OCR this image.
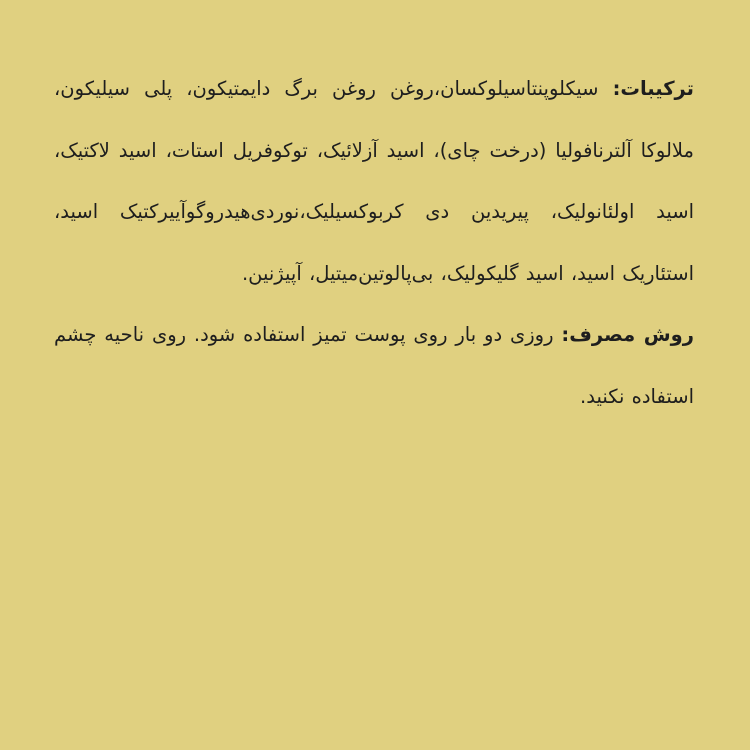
ترکیبات: سیکلوپنتاسیلوکسان،روغن روغن برگ دایمتیکون، پلی سیلیکون، ملالوکا آلترنافولیا (درخت چای)، اسید آزلائیک، توکوفریل استات، اسید لاکتیک، اسید اولئانولیک، پیریدین دی کربوکسیلیک،نوردی‌هیدروگوآییرکتیک اسید، استئاریک اسید، اسید گلیکولیک، بی‌پالوتین‌میتیل، آپیژنین.

روش مصرف: روزی دو بار روی پوست تمیز استفاده شود. روی ناحیه چشم استفاده نکنید.
